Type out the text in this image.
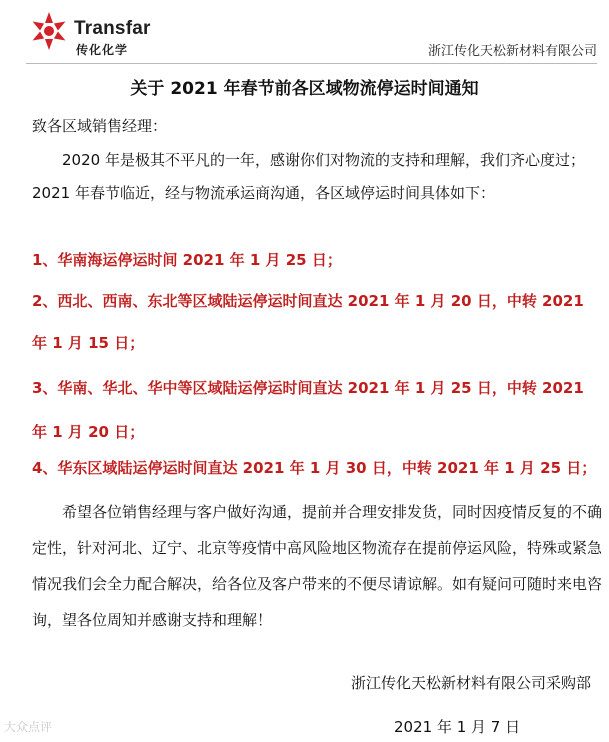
Transfar
传化化学	浙江传化天松新材料有限公司
关于 2021 年春节前各区域物流停运时间通知

致各区域销售经理：

2020 年是极其不平凡的一年，感谢你们对物流的支持和理解，我们齐心度过；2021 年春节临近，经与物流承运商沟通，各区域停运时间具体如下：

1、华南海运停运时间 2021 年 1 月 25 日；

2、西北、西南、东北等区域陆运停运时间直达 2021 年 1 月 20 日，中转 2021 年 1 月 15 日；

3、华南、华北、华中等区域陆运停运时间直达 2021 年 1 月 25 日，中转 2021 年 1 月 20 日；

4、华东区域陆运停运时间直达 2021 年 1 月 30 日，中转 2021 年 1 月 25 日；

希望各位销售经理与客户做好沟通，提前并合理安排发货，同时因疫情反复的不确定性，针对河北、辽宁、北京等疫情中高风险地区物流存在提前停运风险，特殊或紧急情况我们会全力配合解决，给各位及客户带来的不便尽请谅解。如有疑问可随时来电咨询，望各位周知并感谢支持和理解！

浙江传化天松新材料有限公司采购部
2021 年 1 月 7 日
大众点评
